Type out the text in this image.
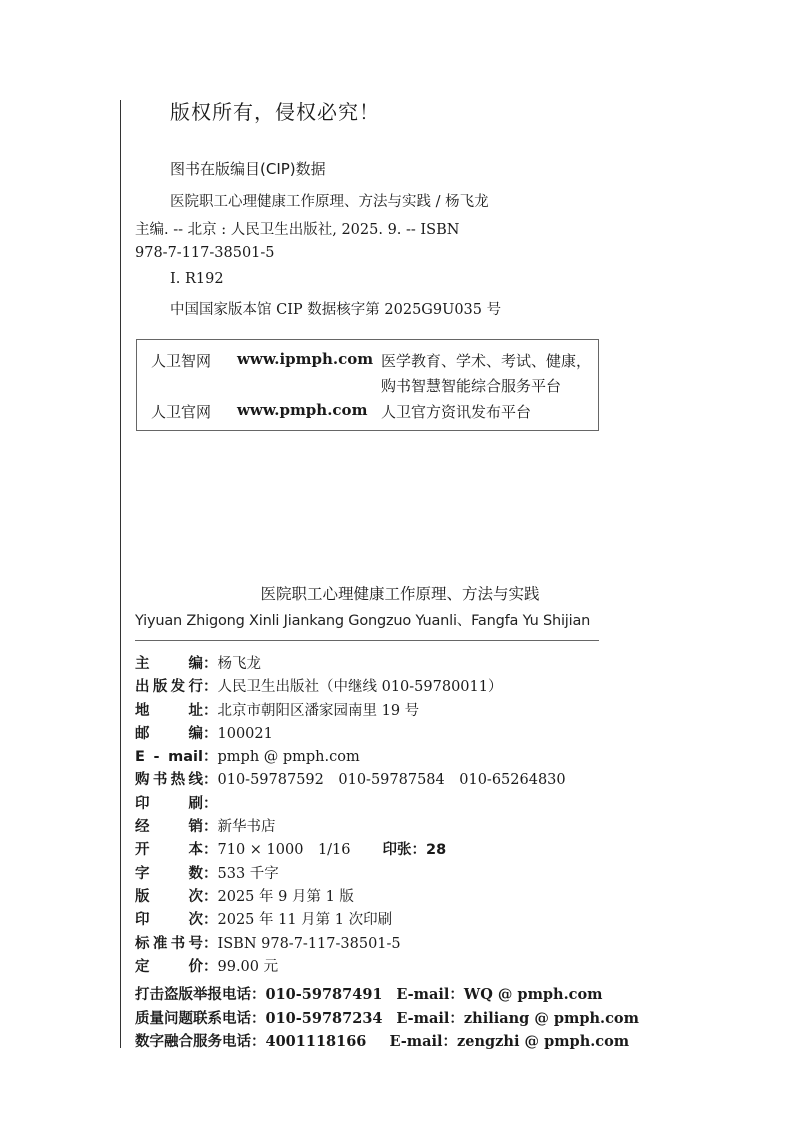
版权所有，侵权必究！
图书在版编目(CIP)数据
医院职工心理健康工作原理、方法与实践 / 杨飞龙
主编. -- 北京 : 人民卫生出版社, 2025. 9. -- ISBN
978-7-117-38501-5
Ⅰ. R192
中国国家版本馆 CIP 数据核字第 2025G9U035 号
人卫智网 www.ipmph.com 医学教育、学术、考试、健康，
购书智慧智能综合服务平台
人卫官网 www.pmph.com 人卫官方资讯发布平台
医院职工心理健康工作原理、方法与实践
Yiyuan Zhigong Xinli Jiankang Gongzuo Yuanli、Fangfa Yu Shijian
主编：杨飞龙
出版发行：人民卫生出版社（中继线 010-59780011）
地址：北京市朝阳区潘家园南里 19 号
邮编：100021
E - mail：pmph @ pmph.com
购书热线：010-59787592　010-59787584　010-65264830
印刷：
经销：新华书店
开本：710 × 1000　1/16 印张：28
字数：533 千字
版次：2025 年 9 月第 1 版
印次：2025 年 11 月第 1 次印刷
标准书号：ISBN 978-7-117-38501-5
定价：99.00 元
打击盗版举报电话：010-59787491 E-mail：WQ @ pmph.com
质量问题联系电话：010-59787234 E-mail：zhiliang @ pmph.com
数字融合服务电话：4001118166 E-mail：zengzhi @ pmph.com
